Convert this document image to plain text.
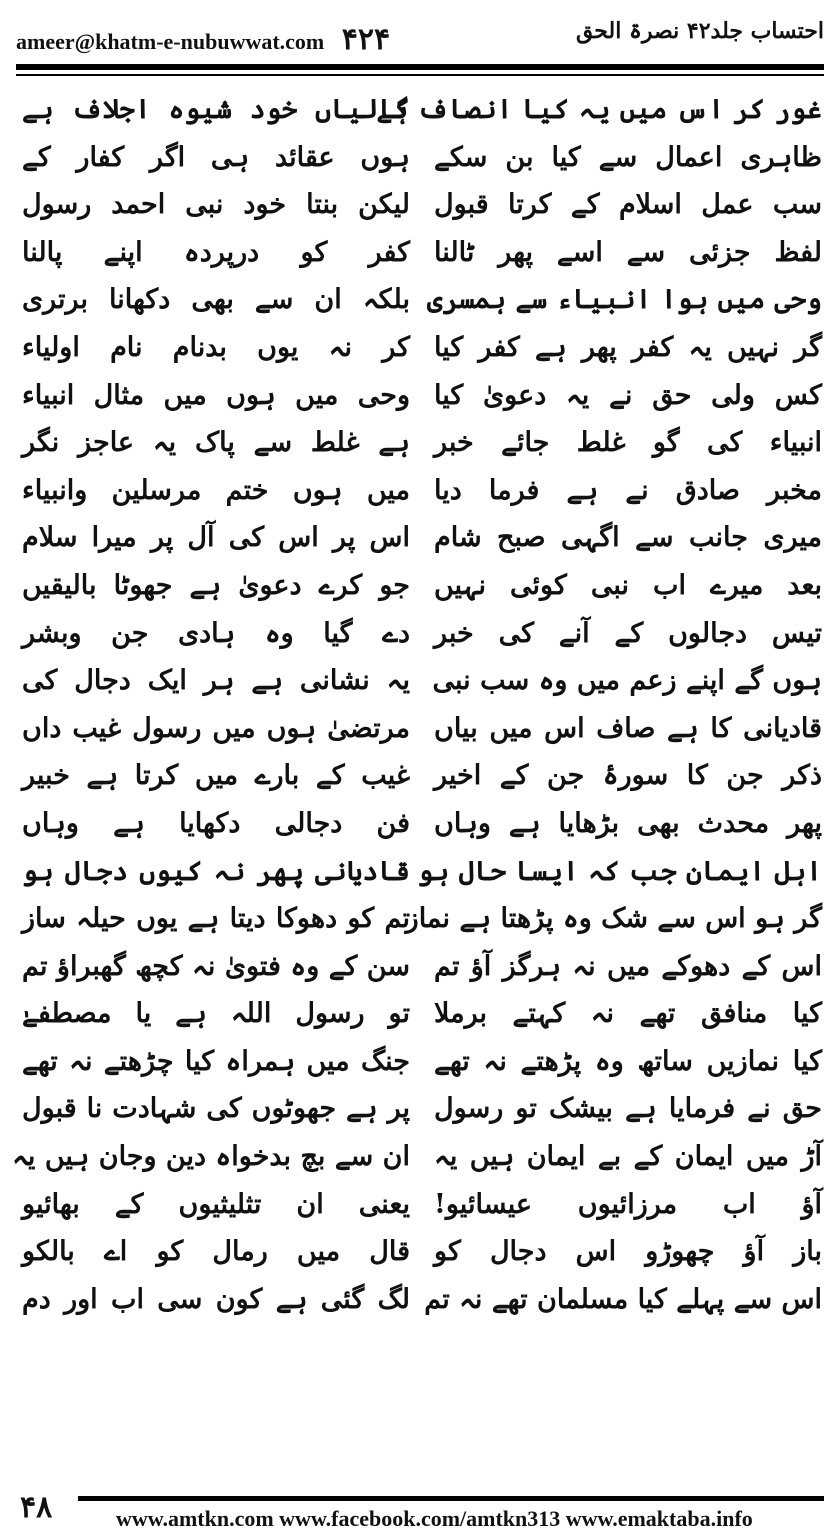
ameer@khatm-e-nubuwwat.com ۴۲۴	احتساب جلد۴۲ نصرۃ الحق
غور کر اس میں یہ کیا انصاف ہے
ظاہری اعمال سے کیا بن سکے
سب عمل اسلام کے کرتا قبول
لفظ جزئی سے اسے پھر ٹالنا
وحی میں ہوا انبیاء سے ہمسری
گر نہیں یہ کفر پھر ہے کفر کیا
کس ولی حق نے یہ دعویٰ کیا
انبیاء کی گو غلط جائے خبر
مخبر صادق نے ہے فرما دیا
میری جانب سے اگہی صبح شام
بعد میرے اب نبی کوئی نہیں
تیس دجالوں کے آنے کی خبر
ہوں گے اپنے زعم میں وہ سب نبی
قادیانی کا ہے صاف اس میں بیاں
ذکر جن کا سورۂ جن کے اخیر
پھر محدث بھی بڑھایا ہے وہاں
اہل ایمان جب کہ ایسا حال ہو
گر ہو اس سے شک وہ پڑھتا ہے نماز
اس کے دھوکے میں نہ ہرگز آؤ تم
کیا منافق تھے نہ کہتے برملا
کیا نمازیں ساتھ وہ پڑھتے نہ تھے
حق نے فرمایا ہے بیشک تو رسول
آڑ میں ایمان کے بے ایمان ہیں یہ
آؤ اب مرزائیوں عیسائیو!
باز آؤ چھوڑو اس دجال کو
اس سے پہلے کیا مسلمان تھے نہ تم
گالیاں خود شیوہ اجلاف ہے
ہوں عقائد ہی اگر کفار کے
لیکن بنتا خود نبی احمد رسول
کفر کو درپردہ اپنے پالنا
بلکہ ان سے بھی دکھانا برتری
کر نہ یوں بدنام نام اولیاء
وحی میں ہوں میں مثال انبیاء
ہے غلط سے پاک یہ عاجز نگر
میں ہوں ختم مرسلین وانبیاء
اس پر اس کی آل پر میرا سلام
جو کرے دعویٰ ہے جھوٹا بالیقیں
دے گیا وہ ہادی جن وبشر
یہ نشانی ہے ہر ایک دجال کی
مرتضیٰ ہوں میں رسول غیب داں
غیب کے بارے میں کرتا ہے خبیر
فن دجالی دکھایا ہے وہاں
قادیانی پھر نہ کیوں دجال ہو
تم کو دھوکا دیتا ہے یوں حیلہ ساز
سن کے وہ فتویٰ نہ کچھ گھبراؤ تم
تو رسول اللہ ہے یا مصطفےٰ
جنگ میں ہمراہ کیا چڑھتے نہ تھے
پر ہے جھوٹوں کی شہادت نا قبول
ان سے بچ بدخواہ دین وجان ہیں یہ
یعنی ان تثلیثیوں کے بھائیو
قال میں رمال کو اے بالکو
لگ گئی ہے کون سی اب اور دم
۴۸	www.amtkn.com www.facebook.com/amtkn313 www.emaktaba.info
